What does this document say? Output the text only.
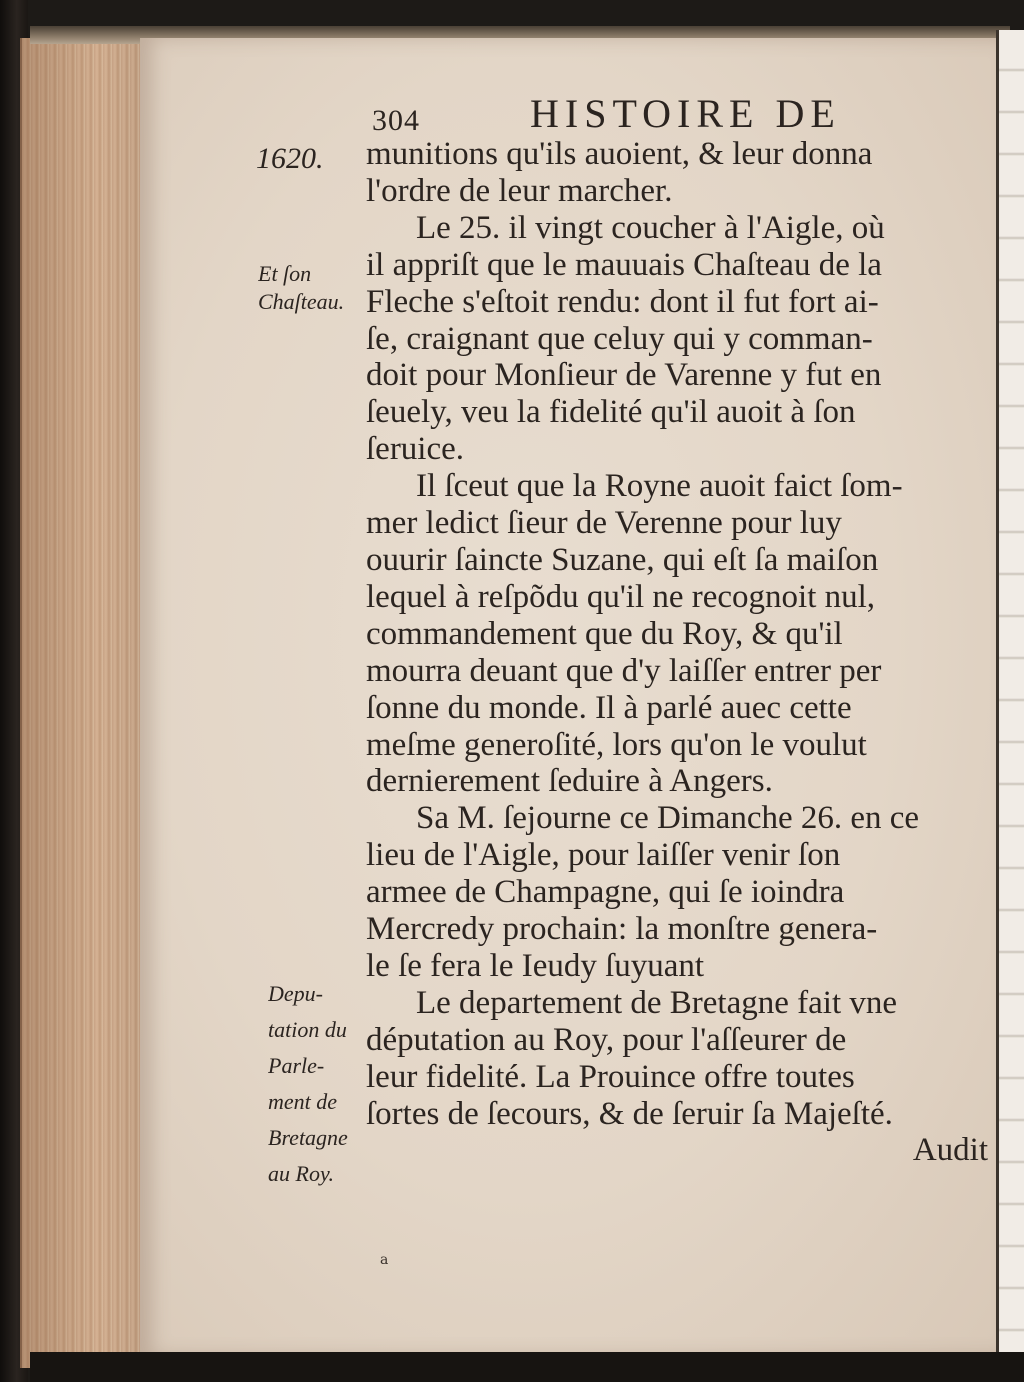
304	HISTOIRE DE
1620.
Et ſon
Chaſteau.
Depu-
tation du
Parle-
ment de
Bretagne
au Roy.
munitions qu'ils auoient, & leur donna
l'ordre de leur marcher.
Le 25. il vingt coucher à l'Aigle, où
il appriſt que le mauuais Chaſteau de la
Fleche s'eſtoit rendu: dont il fut fort ai-
ſe, craignant que celuy qui y comman-
doit pour Monſieur de Varenne y fut en
ſeuely, veu la fidelité qu'il auoit à ſon
ſeruice.
Il ſceut que la Royne auoit faict ſom-
mer ledict ſieur de Verenne pour luy
ouurir ſaincte Suzane, qui eſt ſa maiſon
lequel à reſpõdu qu'il ne recognoit nul,
commandement que du Roy, & qu'il
mourra deuant que d'y laiſſer entrer per
ſonne du monde. Il à parlé auec cette
meſme generoſité, lors qu'on le voulut
dernierement ſeduire à Angers.
Sa M. ſejourne ce Dimanche 26. en ce
lieu de l'Aigle, pour laiſſer venir ſon
armee de Champagne, qui ſe ioindra
Mercredy prochain: la monſtre genera-
le ſe fera le Ieudy ſuyuant
Le departement de Bretagne fait vne
députation au Roy, pour l'aſſeurer de
leur fidelité. La Prouince offre toutes
ſortes de ſecours, & de ſeruir ſa Majeſté.
Audit
a
